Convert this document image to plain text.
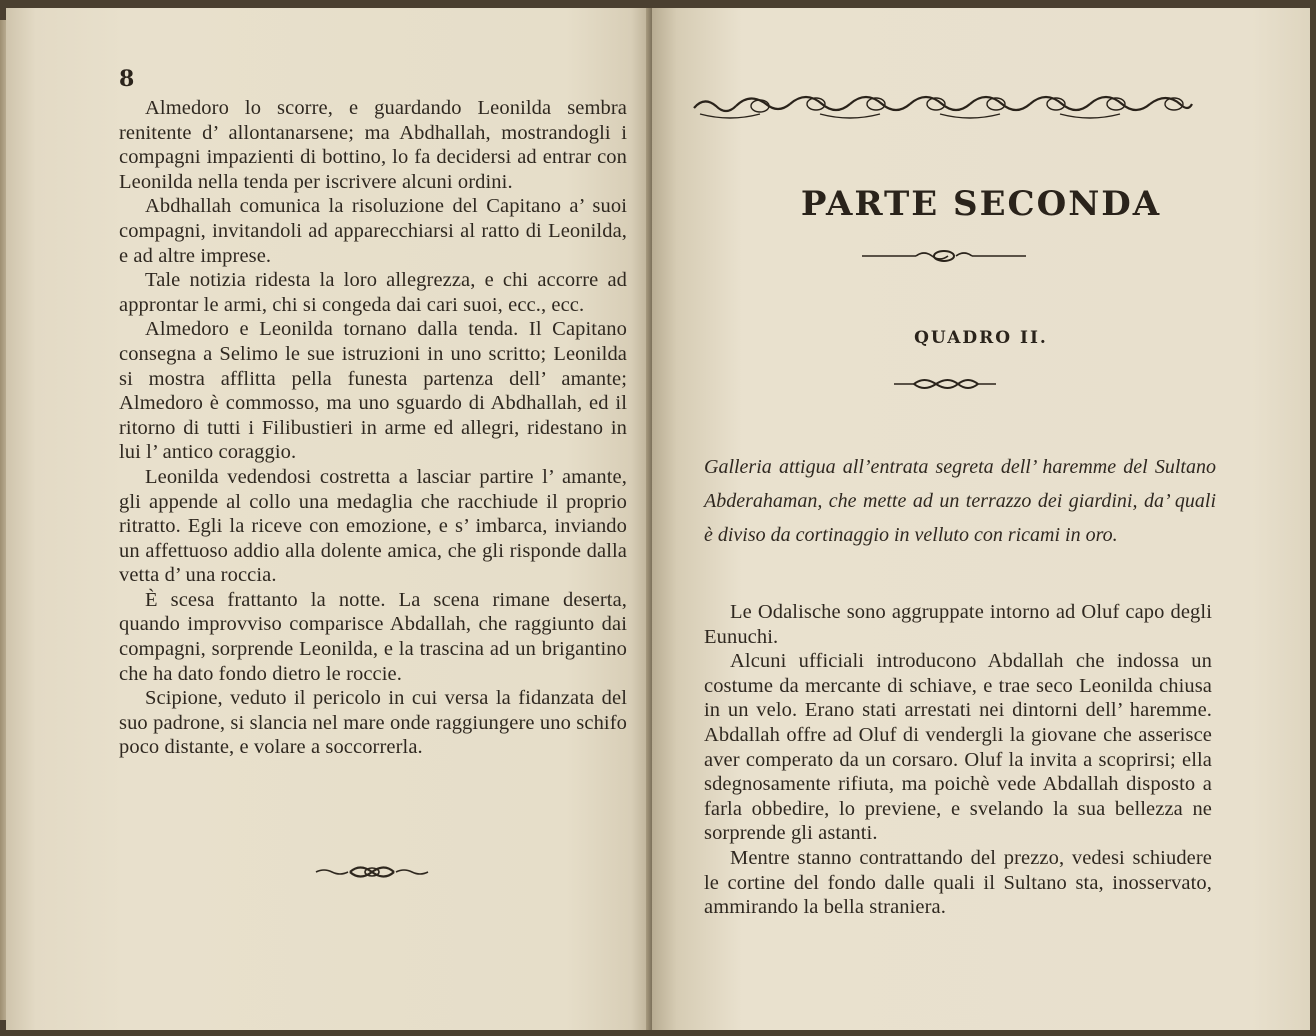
8

Almedoro lo scorre, e guardando Leonilda sembra renitente d’ allontanarsene; ma Abdhallah, mostrandogli i compagni impazienti di bottino, lo fa decidersi ad entrar con Leonilda nella tenda per iscrivere alcuni ordini.

Abdhallah comunica la risoluzione del Capitano a’ suoi compagni, invitandoli ad apparecchiarsi al ratto di Leonilda, e ad altre imprese.

Tale notizia ridesta la loro allegrezza, e chi accorre ad approntar le armi, chi si congeda dai cari suoi, ecc., ecc.

Almedoro e Leonilda tornano dalla tenda. Il Capitano consegna a Selimo le sue istruzioni in uno scritto; Leonilda si mostra afflitta pella funesta partenza dell’ amante; Almedoro è commosso, ma uno sguardo di Abdhallah, ed il ritorno di tutti i Filibustieri in arme ed allegri, ridestano in lui l’ antico coraggio.

Leonilda vedendosi costretta a lasciar partire l’ amante, gli appende al collo una medaglia che racchiude il proprio ritratto. Egli la riceve con emozione, e s’ imbarca, inviando un affettuoso addio alla dolente amica, che gli risponde dalla vetta d’ una roccia.

È scesa frattanto la notte. La scena rimane deserta, quando improvviso comparisce Abdallah, che raggiunto dai compagni, sorprende Leonilda, e la trascina ad un brigantino che ha dato fondo dietro le roccie.

Scipione, veduto il pericolo in cui versa la fidanzata del suo padrone, si slancia nel mare onde raggiungere uno schifo poco distante, e volare a soccorrerla.

PARTE SECONDA
QUADRO II.
Galleria attigua all’entrata segreta dell’ haremme del Sultano Abderahaman, che mette ad un terrazzo dei giardini, da’ quali è diviso da cortinaggio in velluto con ricami in oro.

Le Odalische sono aggruppate intorno ad Oluf capo degli Eunuchi.

Alcuni ufficiali introducono Abdallah che indossa un costume da mercante di schiave, e trae seco Leonilda chiusa in un velo. Erano stati arrestati nei dintorni dell’ haremme. Abdallah offre ad Oluf di vendergli la giovane che asserisce aver comperato da un corsaro. Oluf la invita a scoprirsi; ella sdegnosamente rifiuta, ma poichè vede Abdallah disposto a farla obbedire, lo previene, e svelando la sua bellezza ne sorprende gli astanti.

Mentre stanno contrattando del prezzo, vedesi schiudere le cortine del fondo dalle quali il Sultano sta, inosservato, ammirando la bella straniera.
